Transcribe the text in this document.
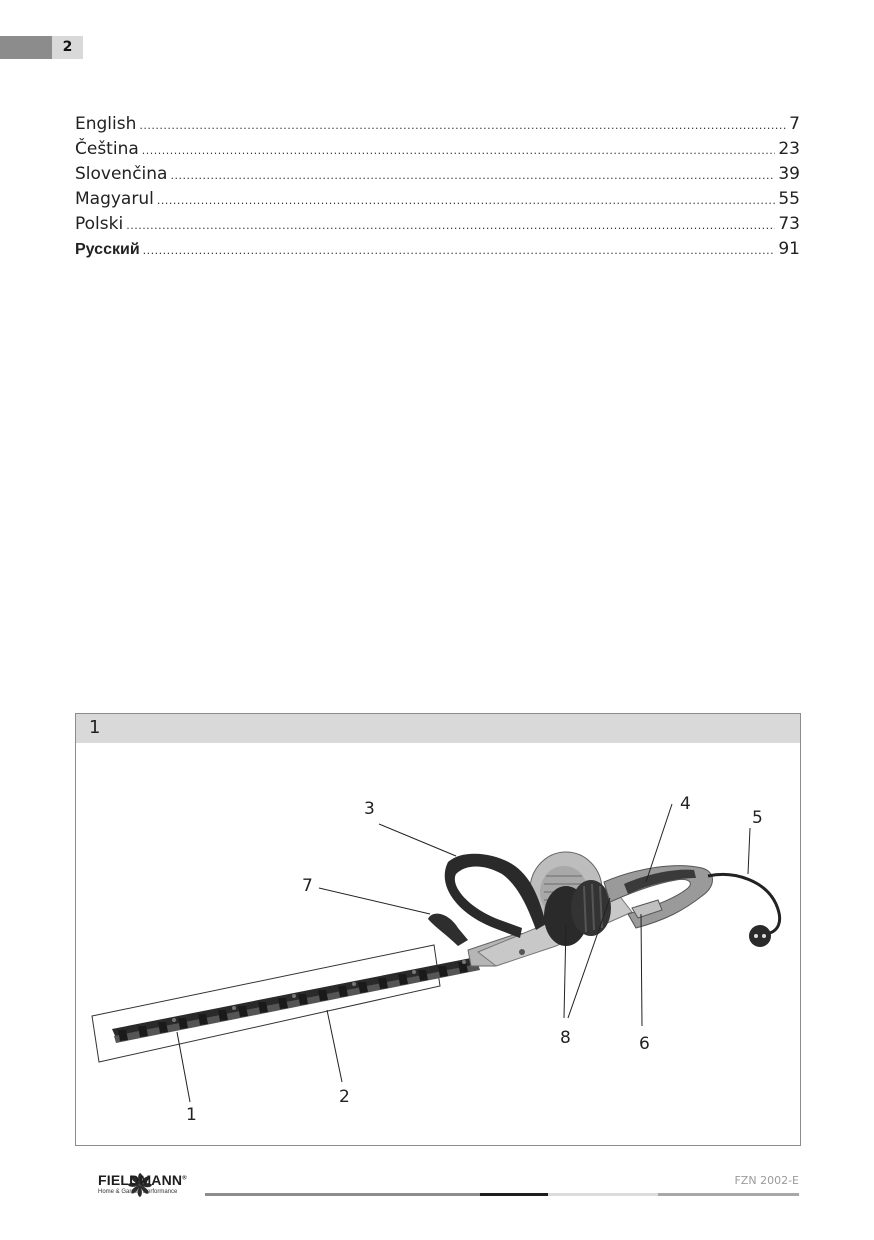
2
English .....	7
Čeština .....	23
Slovenčina .....	39
Magyarul .....	55
Polski .....	73
Русский .....	91
1
1
2
3	4
5
6
7
8
FIELDMANN®
Home & Garden Performance
FZN 2002-E
